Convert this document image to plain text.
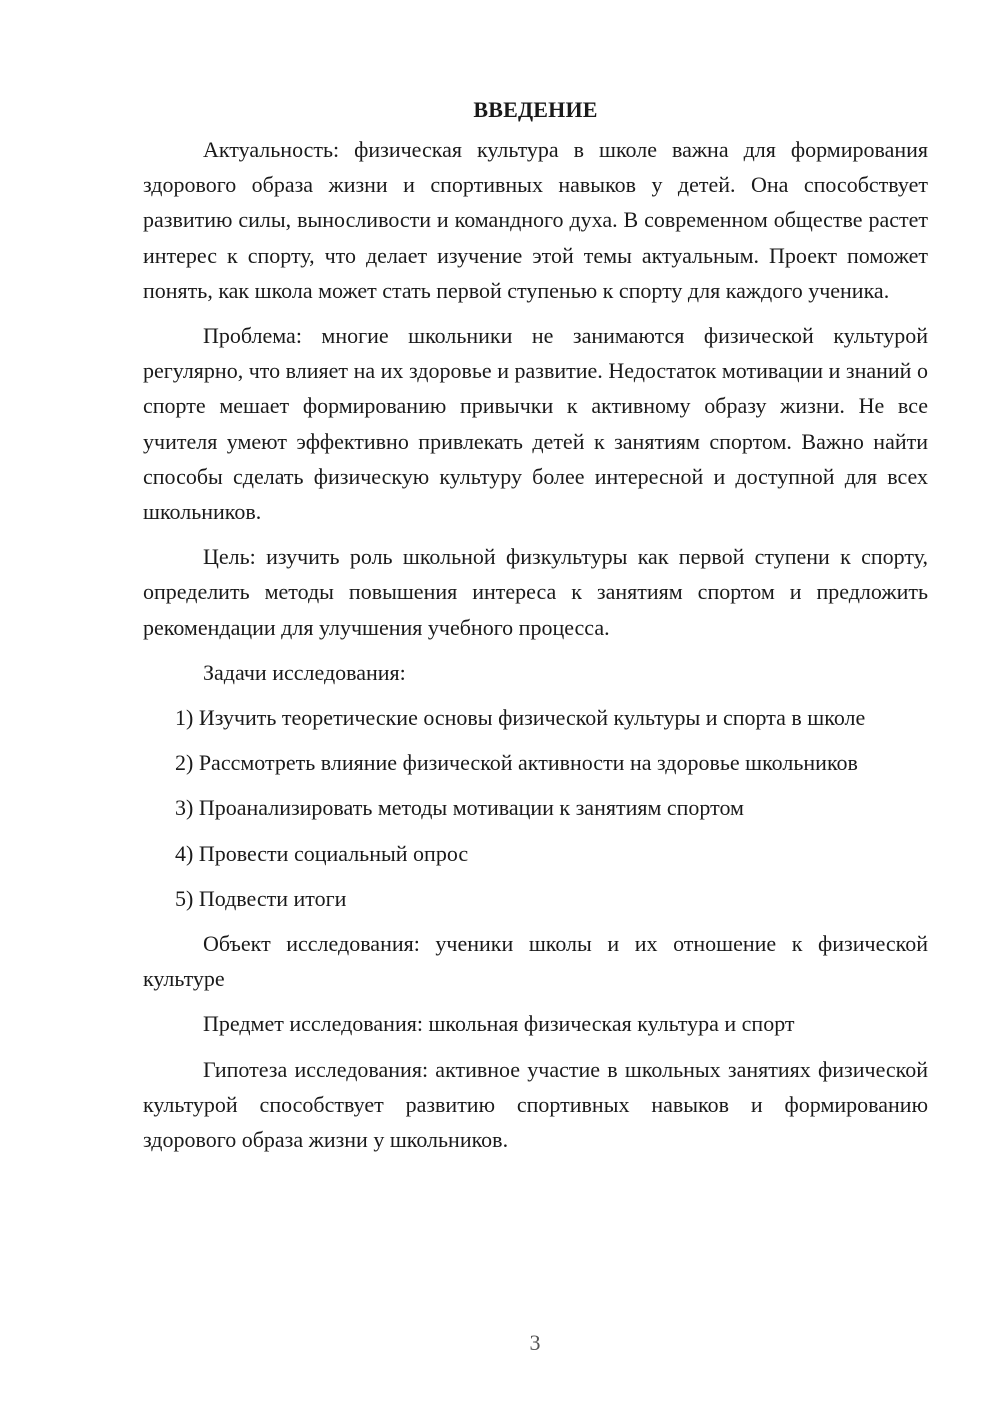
ВВЕДЕНИЕ

Актуальность: физическая культура в школе важна для формирования здорового образа жизни и спортивных навыков у детей. Она способствует развитию силы, выносливости и командного духа. В современном обществе растет интерес к спорту, что делает изучение этой темы актуальным. Проект поможет понять, как школа может стать первой ступенью к спорту для каждого ученика.

Проблема: многие школьники не занимаются физической культурой регулярно, что влияет на их здоровье и развитие. Недостаток мотивации и знаний о спорте мешает формированию привычки к активному образу жизни. Не все учителя умеют эффективно привлекать детей к занятиям спортом. Важно найти способы сделать физическую культуру более интересной и доступной для всех школьников.

Цель: изучить роль школьной физкультуры как первой ступени к спорту, определить методы повышения интереса к занятиям спортом и предложить рекомендации для улучшения учебного процесса.

Задачи исследования:

1) Изучить теоретические основы физической культуры и спорта в школе

2) Рассмотреть влияние физической активности на здоровье школьников

3) Проанализировать методы мотивации к занятиям спортом

4) Провести социальный опрос

5) Подвести итоги

Объект исследования: ученики школы и их отношение к физической культуре

Предмет исследования: школьная физическая культура и спорт

Гипотеза исследования: активное участие в школьных занятиях физической культурой способствует развитию спортивных навыков и формированию здорового образа жизни у школьников.

3
